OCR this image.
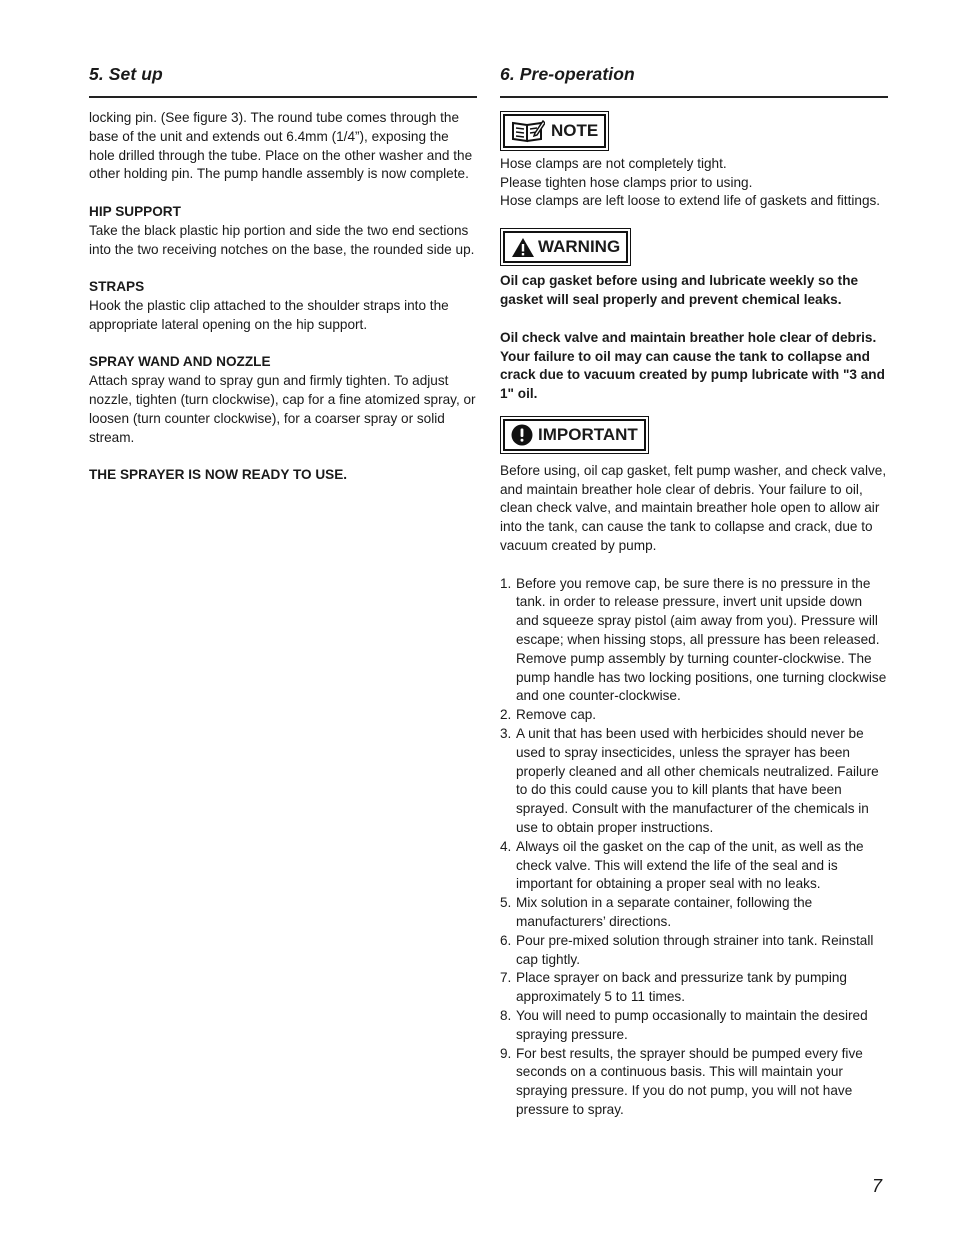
5. Set up

locking pin. (See figure 3). The round tube comes through the base of the unit and extends out 6.4mm (1/4”), exposing the hole drilled through the tube. Place on the other washer and the other holding pin. The pump handle assembly is now complete.

HIP SUPPORT

Take the black plastic hip portion and side the two end sections into the two receiving notches on the base, the rounded side up.

STRAPS

Hook the plastic clip attached to the shoulder straps into the appropriate lateral opening on the hip support.

SPRAY WAND AND NOZZLE

Attach spray wand to spray gun and firmly tighten. To adjust nozzle, tighten (turn clockwise), cap for a fine atomized spray, or loosen (turn counter clockwise), for a coarser spray or solid stream.

THE SPRAYER IS NOW READY TO USE.

6. Pre-operation
NOTE

Hose clamps are not completely tight.

Please tighten hose clamps prior to using.

Hose clamps are left loose to extend life of gaskets and fittings.

WARNING

Oil cap gasket before using and lubricate weekly so the gasket will seal properly and prevent chemical leaks.

Oil check valve and maintain breather hole clear of debris. Your failure to oil may can cause the tank to collapse and crack due to vacuum created by pump lubricate with "3 and 1" oil.

IMPORTANT

Before using, oil cap gasket, felt pump washer, and check valve, and maintain breather hole clear of debris. Your failure to oil, clean check valve, and maintain breather hole open to allow air into the tank, can cause the tank to collapse and crack, due to vacuum created by pump.

1. Before you remove cap, be sure there is no pressure in the tank. in order to release pressure, invert unit upside down and squeeze spray pistol (aim away from you). Pressure will escape; when hissing stops, all pressure has been released. Remove pump assembly by turning counter-clockwise. The pump handle has two locking positions, one turning clockwise and one counter-clockwise.
2. Remove cap.
3. A unit that has been used with herbicides should never be used to spray insecticides, unless the sprayer has been properly cleaned and all other chemicals neutralized. Failure to do this could cause you to kill plants that have been sprayed. Consult with the manufacturer of the chemicals in use to obtain proper instructions.
4. Always oil the gasket on the cap of the unit, as well as the check valve. This will extend the life of the seal and is important for obtaining a proper seal with no leaks.
5. Mix solution in a separate container, following the manufacturers’ directions.
6. Pour pre-mixed solution through strainer into tank. Reinstall cap tightly.
7. Place sprayer on back and pressurize tank by pumping approximately 5 to 11 times.
8. You will need to pump occasionally to maintain the desired spraying pressure.
9. For best results, the sprayer should be pumped every five seconds on a continuous basis. This will maintain your spraying pressure. If you do not pump, you will not have pressure to spray.
7
